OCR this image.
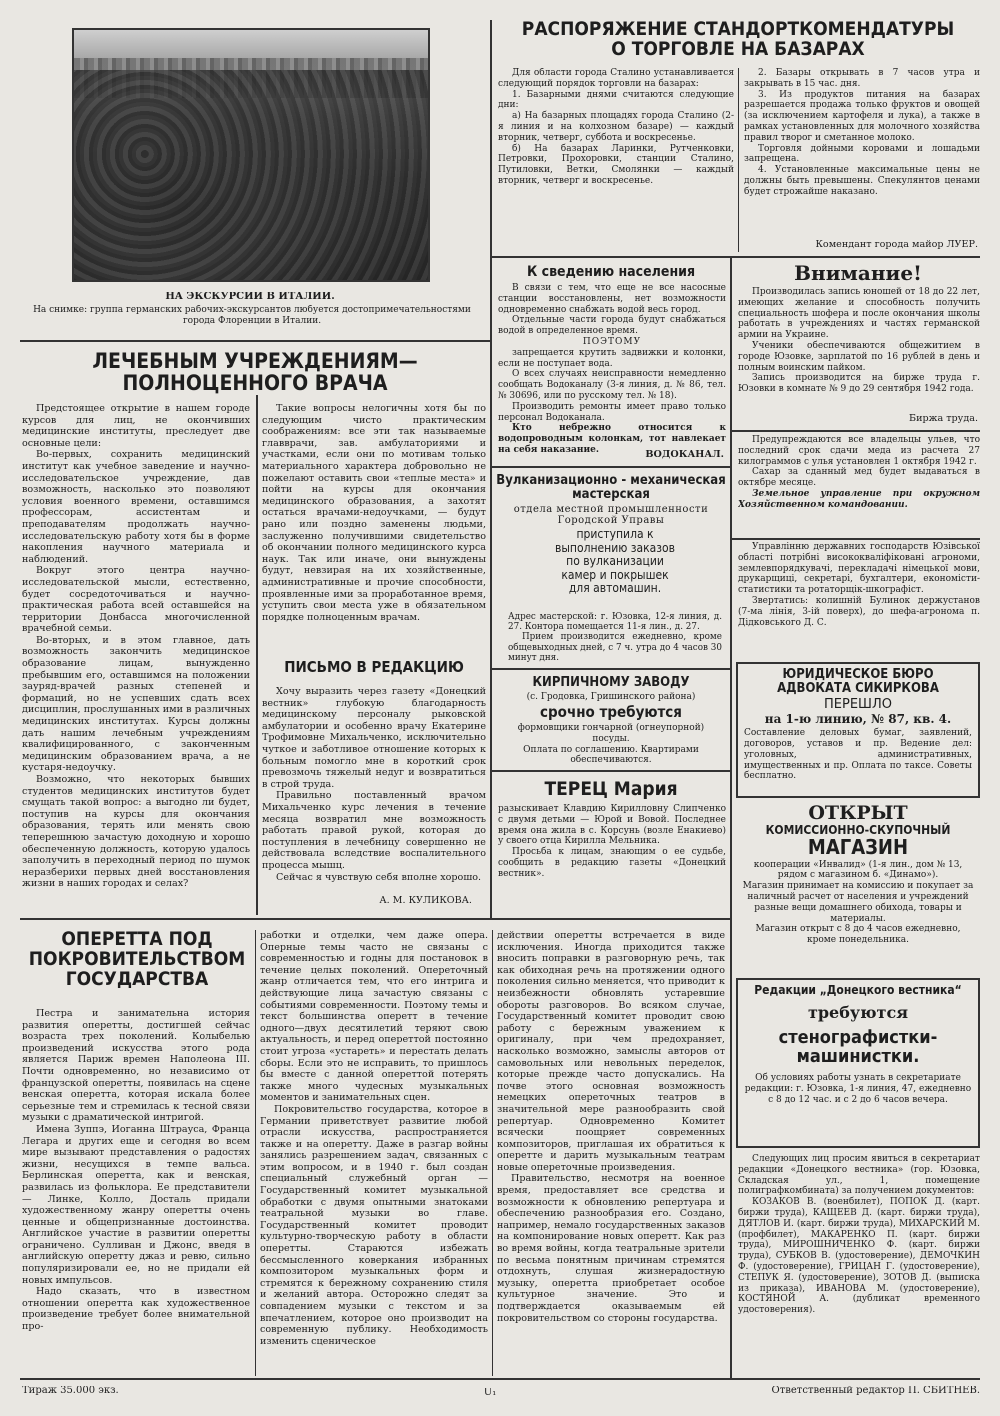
НА ЭКСКУРСИИ В ИТАЛИИ.
На снимке: группа германских рабочих-экскурсантов любуется достопримечательностями города Флоренции в Италии.
ЛЕЧЕБНЫМ УЧРЕЖДЕНИЯМ—
ПОЛНОЦЕННОГО ВРАЧА

Предстоящее открытие в нашем городе курсов для лиц, не окончивших медицинские институты, преследует две основные цели:

Во-первых, сохранить медицинский институт как учебное заведение и научно-исследовательское учреждение, дав возможность, насколько это позволяют условия военного времени, оставшимся профессорам, ассистентам и преподавателям продолжать научно-исследовательскую работу хотя бы в форме накопления научного материала и наблюдений.

Вокруг этого центра научно-исследовательской мысли, естественно, будет сосредоточиваться и научно-практическая работа всей оставшейся на территории Донбасса многочисленной врачебной семьи.

Во-вторых, и в этом главное, дать возможность закончить медицинское образование лицам, вынужденно пребывшим его, оставшимся на положении зауряд-врачей разных степеней и формаций, но не успевших сдать всех дисциплин, прослушанных ими в различных медицинских институтах. Курсы должны дать нашим лечебным учреждениям квалифицированного, с законченным медицинским образованием врача, а не кустаря-недоучку.

Возможно, что некоторых бывших студентов медицинских институтов будет смущать такой вопрос: а выгодно ли будет, поступив на курсы для окончания образования, терять или менять свою теперешнюю зачастую доходную и хорошо обеспеченную должность, которую удалось заполучить в переходный период по шумок неразберихи первых дней восстановления жизни в наших городах и селах?

Такие вопросы нелогичны хотя бы по следующим чисто практическим соображениям: все эти так называемые главврачи, зав. амбулаториями и участками, если они по мотивам только материального характера добровольно не пожелают оставить свои «теплые места» и пойти на курсы для окончания медицинского образования, а захотят остаться врачами-недоучками, — будут рано или поздно заменены людьми, заслуженно получившими свидетельство об окончании полного медицинского курса наук. Так или иначе, они вынуждены будут, невзирая на их хозяйственные, административные и прочие способности, проявленные ими за проработанное время, уступить свои места уже в обязательном порядке полноценным врачам.

ПИСЬМО В РЕДАКЦИЮ

Хочу выразить через газету «Донецкий вестник» глубокую благодарность медицинскому персоналу рыковской амбулатории и особенно врачу Екатерине Трофимовне Михальченко, исключительно чуткое и заботливое отношение которых к больным помогло мне в короткий срок превозмочь тяжелый недуг и возвратиться в строй труда.

Правильно поставленный врачом Михальченко курс лечения в течение месяца возвратил мне возможность работать правой рукой, которая до поступления в лечебницу совершенно не действовала вследствие воспалительного процесса мышц.

Сейчас я чувствую себя вполне хорошо.

А. М. КУЛИКОВА.
РАСПОРЯЖЕНИЕ СТАНДОРТКОМЕНДАТУРЫ
О ТОРГОВЛЕ НА БАЗАРАХ

Для области города Сталино устанавливается следующий порядок торговли на базарах:

1. Базарными днями считаются следующие дни:

а) На базарных площадях города Сталино (2-я линия и на колхозном базаре) — каждый вторник, четверг, суббота и воскресенье.

б) На базарах Ларинки, Рутченковки, Петровки, Прохоровки, станции Сталино, Путиловки, Ветки, Смолянки — каждый вторник, четверг и воскресенье.

2. Базары открывать в 7 часов утра и закрывать в 15 час. дня.

3. Из продуктов питания на базарах разрешается продажа только фруктов и овощей (за исключением картофеля и лука), а также в рамках установленных для молочного хозяйства правил творог и сметанное молоко.

Торговля дойными коровами и лошадьми запрещена.

4. Установленные максимальные цены не должны быть превышены. Спекулянтов ценами будет строжайше наказано.

Комендант города майор ЛУЕР.
К сведению населения

В связи с тем, что еще не все насосные станции восстановлены, нет возможности одновременно снабжать водой весь город.

Отдельные части города будут снабжаться водой в определенное время.

ПОЭТОМУ

запрещается крутить задвижки и колонки, если не поступает вода.

О всех случаях неисправности немедленно сообщать Водоканалу (3-я линия, д. № 86, тел. № 30696, или по русскому тел. № 18).

Производить ремонты имеет право только персонал Водоканала.

Кто небрежно относится к водопроводным колонкам, тот навлекает на себя наказание.	ВОДОКАНАЛ.
Вулканизационно - механическая
мастерская
отдела местной промышленности Городской Управы
приступила к выполнению заказов по вулканизации камер и покрышек для автомашин.
Адрес мастерской: г. Юзовка, 12-я линия, д. 27. Контора помещается 11-я лин., д. 27.

Прием производится ежедневно, кроме общевыходных дней, с 7 ч. утра до 4 часов 30 минут дня.

КИРПИЧНОМУ ЗАВОДУ
(с. Гродовка, Гришинского района)
срочно требуются
формовщики гончарной (огнеупорной) посуды.
Оплата по соглашению. Квартирами обеспечиваются.
ТЕРЕЦ Мария
разыскивает Клавдию Кирилловну Слипченко с двумя детьми — Юрой и Вовой. Последнее время она жила в с. Корсунь (возле Енакиево) у своего отца Кирилла Мельника.

Просьба к лицам, знающим о ее судьбе, сообщить в редакцию газеты «Донецкий вестник».

Внимание!

Производилась запись юношей от 18 до 22 лет, имеющих желание и способность получить специальность шофера и после окончания школы работать в учреждениях и частях германской армии на Украине.

Ученики обеспечиваются общежитием в городе Юзовке, зарплатой по 16 рублей в день и полным воинским пайком.

Запись производится на бирже труда г. Юзовки в комнате № 9 до 29 сентября 1942 года.

Биржа труда.

Предупреждаются все владельцы ульев, что последний срок сдачи меда из расчета 27 килограммов с улья установлен 1 октября 1942 г.

Сахар за сданный мед будет выдаваться в октябре месяце.

Земельное управление при окружном Хозяйственном командовании.

Управлінню державних господарств Юзівської області потрібні висококваліфіковані агрономи, землевпорядкувачі, перекладачі німецької мови, друкарщиці, секретарі, бухгалтери, економісти-статистики та ротаторщік-шкографіст.

Звертатись: колишній Булинок держустанов (7-ма лінія, 3-ій поверх), до шефа-агронома п. Дідковського Д. С.

ЮРИДИЧЕСКОЕ БЮРО
АДВОКАТА СИКИРКОВА
ПЕРЕШЛО
на 1-ю линию, № 87, кв. 4.
Составление деловых бумаг, заявлений, договоров, уставов и пр. Ведение дел: уголовных, административных, имущественных и пр. Оплата по таксе. Советы бесплатно.
ОТКРЫТ
КОМИССИОННО-СКУПОЧНЫЙ
МАГАЗИН
кооперации «Инвалид» (1-я лин., дом № 13, рядом с магазином б. «Динамо»).
Магазин принимает на комиссию и покупает за наличный расчет от населения и учреждений разные вещи домашнего обихода, товары и материалы.
Магазин открыт с 8 до 4 часов ежедневно, кроме понедельника.
Редакции „Донецкого вестника“
требуются
стенографистки-машинистки.
Об условиях работы узнать в секретариате редакции: г. Юзовка, 1-я линия, 47, ежедневно с 8 до 12 час. и с 2 до 6 часов вечера.

Следующих лиц просим явиться в секретариат редакции «Донецкого вестника» (гор. Юзовка, Складская ул., 1, помещение полиграфкомбината) за получением документов:

КОЗАКОВ В. (военбилет), ПОПОК Д. (карт. биржи труда), КАЩЕЕВ Д. (карт. биржи труда), ДЯТЛОВ И. (карт. биржи труда), МИХАРСКИЙ М. (профбилет), МАКАРЕНКО П. (карт. биржи труда), МИРОШНИЧЕНКО Ф. (карт. биржи труда), СУБКОВ В. (удостоверение), ДЕМОЧКИН Ф. (удостоверение), ГРИЦАН Г. (удостоверение), СТЕПУК Я. (удостоверение), ЗОТОВ Д. (выписка из приказа), ИВАНОВА М. (удостоверение), КОСТЯНОЙ А. (дубликат временного удостоверения).

ОПЕРЕТТА ПОД
ПОКРОВИТЕЛЬСТВОМ
ГОСУДАРСТВА

Пестра и занимательна история развития оперетты, достигшей сейчас возраста трех поколений. Колыбелью произведений искусства этого рода является Париж времен Наполеона III. Почти одновременно, но независимо от французской оперетты, появилась на сцене венская оперетта, которая искала более серьезные тем и стремилась к тесной связи музыки с драматической интригой.

Имена Зуппэ, Иоганна Штрауса, Франца Легара и других еще и сегодня во всем мире вызывают представления о радостях жизни, несущихся в темпе вальса. Берлинская оперетта, как и венская, развилась из фольклора. Ее представители — Линке, Колло, Досталь придали художественному жанру оперетты очень ценные и общепризнанные достоинства. Английское участие в развитии оперетты ограничено. Сулливан и Джонс, введя в английскую оперетту джаз и ревю, сильно популяризировали ее, но не придали ей новых импульсов.

Надо сказать, что в известном отношении оперетта как художественное произведение требует более внимательной про-

работки и отделки, чем даже опера. Оперные темы часто не связаны с современностью и годны для постановок в течение целых поколений. Опереточный жанр отличается тем, что его интрига и действующие лица зачастую связаны с событиями современности. Поэтому темы и текст большинства оперетт в течение одного—двух десятилетий теряют свою актуальность, и перед опереттой постоянно стоит угроза «устареть» и перестать делать сборы. Если это не исправить, то пришлось бы вместе с данной опереттой потерять также много чудесных музыкальных моментов и занимательных сцен.

Покровительство государства, которое в Германии приветствует развитие любой отрасли искусства, распространяется также и на оперетту. Даже в разгар войны занялись разрешением задач, связанных с этим вопросом, и в 1940 г. был создан специальный служебный орган — Государственный комитет музыкальной обработки с двумя опытными знатоками театральной музыки во главе. Государственный комитет проводит культурно-творческую работу в области оперетты. Стараются избежать бессмысленного коверкания избранных композитором музыкальных форм и стремятся к бережному сохранению стиля и желаний автора. Осторожно следят за совпадением музыки с текстом и за впечатлением, которое оно производит на современную публику. Необходимость изменить сценическое

действии оперетты встречается в виде исключения. Иногда приходится также вносить поправки в разговорную речь, так как обиходная речь на протяжении одного поколения сильно меняется, что приводит к неизбежности обновлять устаревшие обороты разговоров. Во всяком случае, Государственный комитет проводит свою работу с бережным уважением к оригиналу, при чем предохраняет, насколько возможно, замыслы авторов от самовольных или невольных переделок, которые прежде часто допускались. На почве этого основная возможность немецких опереточных театров в значительной мере разнообразить свой репертуар. Одновременно Комитет всячески поощряет современных композиторов, приглашая их обратиться к оперетте и дарить музыкальным театрам новые опереточные произведения.

Правительство, несмотря на военное время, предоставляет все средства и возможности к обновлению репертуара и обеспечению разнообразия его. Создано, например, немало государственных заказов на компонирование новых оперетт. Как раз во время войны, когда театральные зрители по весьма понятным причинам стремятся отдохнуть, слушая жизнерадостную музыку, оперетта приобретает особое культурное значение. Это и подтверждается оказываемым ей покровительством со стороны государства.

Тираж 35.000 экз.	U₁	Ответственный редактор П. СБИТНЕВ.
